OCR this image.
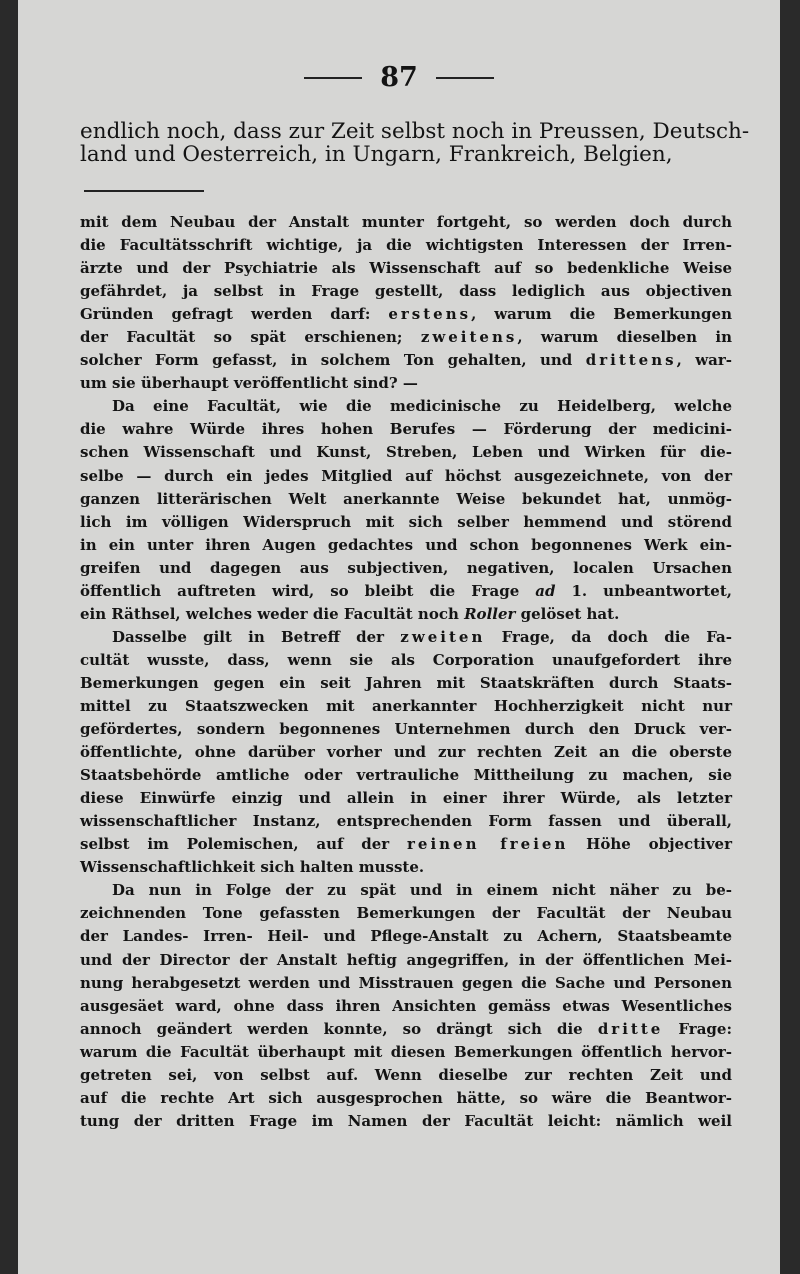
87
endlich noch, dass zur Zeit selbst noch in Preussen, Deutsch-
land und Oesterreich, in Ungarn, Frankreich, Belgien,
mit dem Neubau der Anstalt munter fortgeht, so werden doch durch
die Facultätsschrift wichtige, ja die wichtigsten Interessen der Irren-
ärzte und der Psychiatrie als Wissenschaft auf so bedenkliche Weise
gefährdet, ja selbst in Frage gestellt, dass lediglich aus objectiven
Gründen gefragt werden darf: erstens, warum die Bemerkungen
der Facultät so spät erschienen; zweitens, warum dieselben in
solcher Form gefasst, in solchem Ton gehalten, und drittens, war-
um sie überhaupt veröffentlicht sind? —
Da eine Facultät, wie die medicinische zu Heidelberg, welche
die wahre Würde ihres hohen Berufes — Förderung der medicini-
schen Wissenschaft und Kunst, Streben, Leben und Wirken für die-
selbe — durch ein jedes Mitglied auf höchst ausgezeichnete, von der
ganzen litterärischen Welt anerkannte Weise bekundet hat, unmög-
lich im völligen Widerspruch mit sich selber hemmend und störend
in ein unter ihren Augen gedachtes und schon begonnenes Werk ein-
greifen und dagegen aus subjectiven, negativen, localen Ursachen
öffentlich auftreten wird, so bleibt die Frage ad 1. unbeantwortet,
ein Räthsel, welches weder die Facultät noch Roller gelöset hat.
Dasselbe gilt in Betreff der zweiten Frage, da doch die Fa-
cultät wusste, dass, wenn sie als Corporation unaufgefordert ihre
Bemerkungen gegen ein seit Jahren mit Staatskräften durch Staats-
mittel zu Staatszwecken mit anerkannter Hochherzigkeit nicht nur
gefördertes, sondern begonnenes Unternehmen durch den Druck ver-
öffentlichte, ohne darüber vorher und zur rechten Zeit an die oberste
Staatsbehörde amtliche oder vertrauliche Mittheilung zu machen, sie
diese Einwürfe einzig und allein in einer ihrer Würde, als letzter
wissenschaftlicher Instanz, entsprechenden Form fassen und überall,
selbst im Polemischen, auf der reinen freien Höhe objectiver
Wissenschaftlichkeit sich halten musste.
Da nun in Folge der zu spät und in einem nicht näher zu be-
zeichnenden Tone gefassten Bemerkungen der Facultät der Neubau
der Landes- Irren- Heil- und Pflege-Anstalt zu Achern, Staatsbeamte
und der Director der Anstalt heftig angegriffen, in der öffentlichen Mei-
nung herabgesetzt werden und Misstrauen gegen die Sache und Personen
ausgesäet ward, ohne dass ihren Ansichten gemäss etwas Wesentliches
annoch geändert werden konnte, so drängt sich die dritte Frage:
warum die Facultät überhaupt mit diesen Bemerkungen öffentlich hervor-
getreten sei, von selbst auf. Wenn dieselbe zur rechten Zeit und
auf die rechte Art sich ausgesprochen hätte, so wäre die Beantwor-
tung der dritten Frage im Namen der Facultät leicht: nämlich weil
